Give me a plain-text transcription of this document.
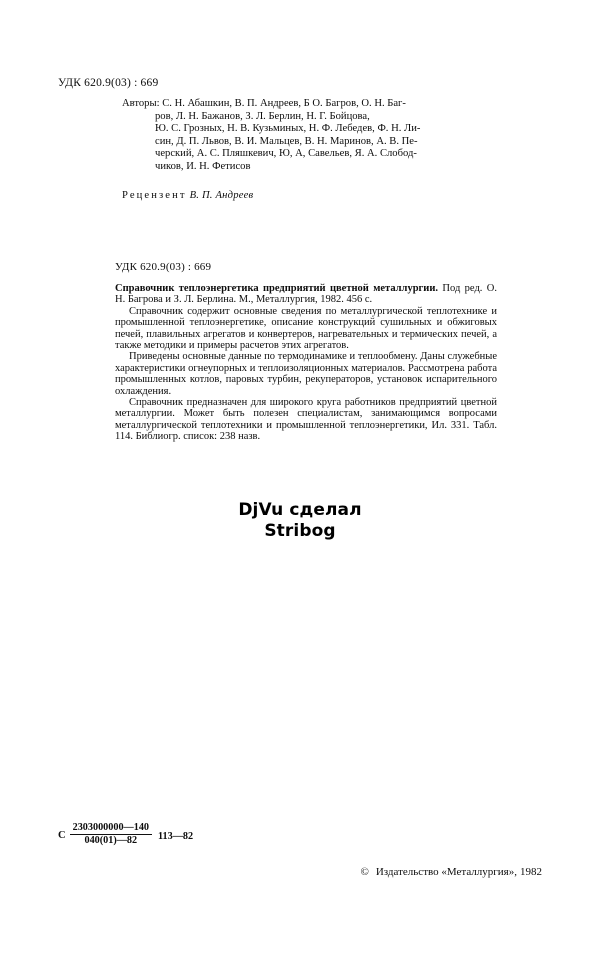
УДК 620.9(03) : 669
Авторы: С. Н. Абашкин, В. П. Андреев, Б О. Багров, О. Н. Баг-
ров, Л. Н. Бажанов, З. Л. Берлин, Н. Г. Бойцова,
Ю. С. Грозных, Н. В. Кузьминых, Н. Ф. Лебедев, Ф. Н. Ли-
син, Д. П. Львов, В. И. Мальцев, В. Н. Маринов, А. В. Пе-
черский, А. С. Пляшкевич, Ю, А, Савельев, Я. А. Слобод-
чиков, И. Н. Фетисов
Рецензент В. П. Андреев
УДК 620.9(03) : 669

Справочник теплоэнергетика предприятий цветной металлургии. Под ред. О. Н. Багрова и З. Л. Берлина. М., Металлургия, 1982. 456 с.

Справочник содержит основные сведения по металлургической теплотехнике и промышленной теплоэнергетике, описание конструкций сушильных и обжиговых печей, плавильных агрегатов и конвертеров, нагревательных и термических печей, а также методики и примеры расчетов этих агрегатов.

Приведены основные данные по термодинамике и теплообмену. Даны служебные характеристики огнеупорных и теплоизоляционных материалов. Рассмотрена работа промышленных котлов, паровых турбин, рекуператоров, установок испарительного охлаждения.

Справочник предназначен для широкого круга работников предприятий цветной металлургии. Может быть полезен специалистам, занимающимся вопросами металлургической теплотехники и промышленной теплоэнергетики, Ил. 331. Табл. 114. Библиогр. список: 238 назв.

DjVu сделал
Stribog
С $\frac{2303000000—140}{040(01)—82}$ 113—82
© Издательство «Металлургия», 1982
